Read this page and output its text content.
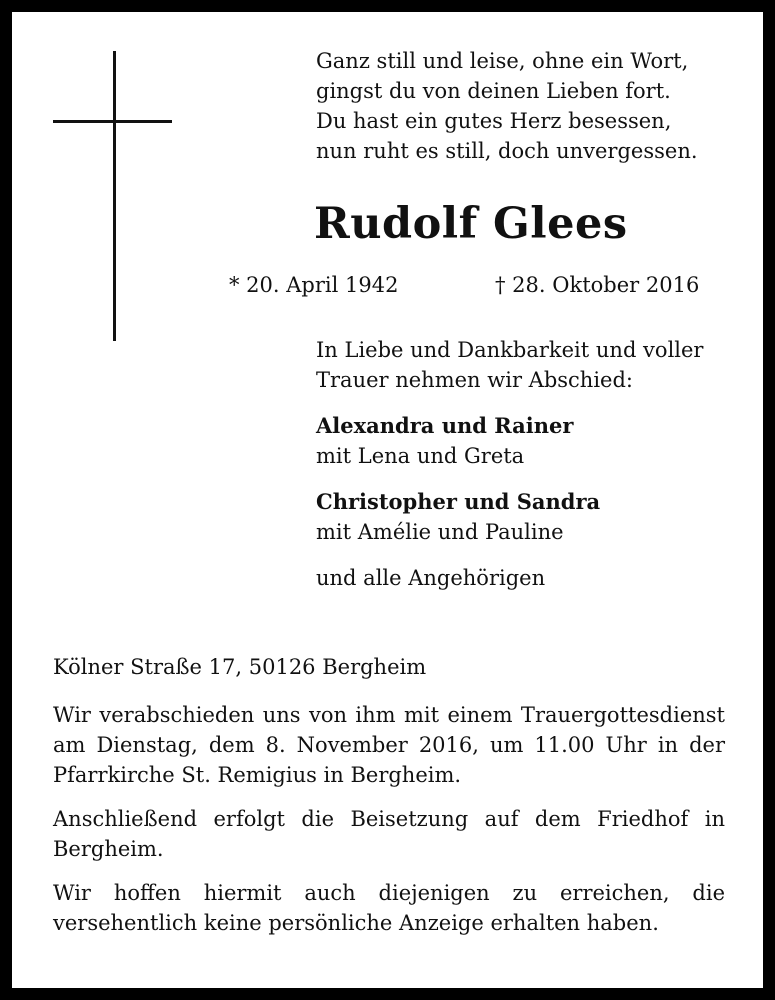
Ganz still und leise, ohne ein Wort,
gingst du von deinen Lieben fort.
Du hast ein gutes Herz besessen,
nun ruht es still, doch unvergessen.
Rudolf Glees
* 20. April 1942	† 28. Oktober 2016
In Liebe und Dankbarkeit und voller
Trauer nehmen wir Abschied:
Alexandra und Rainer
mit Lena und Greta
Christopher und Sandra
mit Amélie und Pauline
und alle Angehörigen

Kölner Straße 17, 50126 Bergheim

Wir verabschieden uns von ihm mit einem Trauergottesdienst am Dienstag, dem 8. November 2016, um 11.00 Uhr in der Pfarrkirche St. Remigius in Bergheim.

Anschließend erfolgt die Beisetzung auf dem Friedhof in Bergheim.

Wir hoffen hiermit auch diejenigen zu erreichen, die versehentlich keine persönliche Anzeige erhalten haben.
